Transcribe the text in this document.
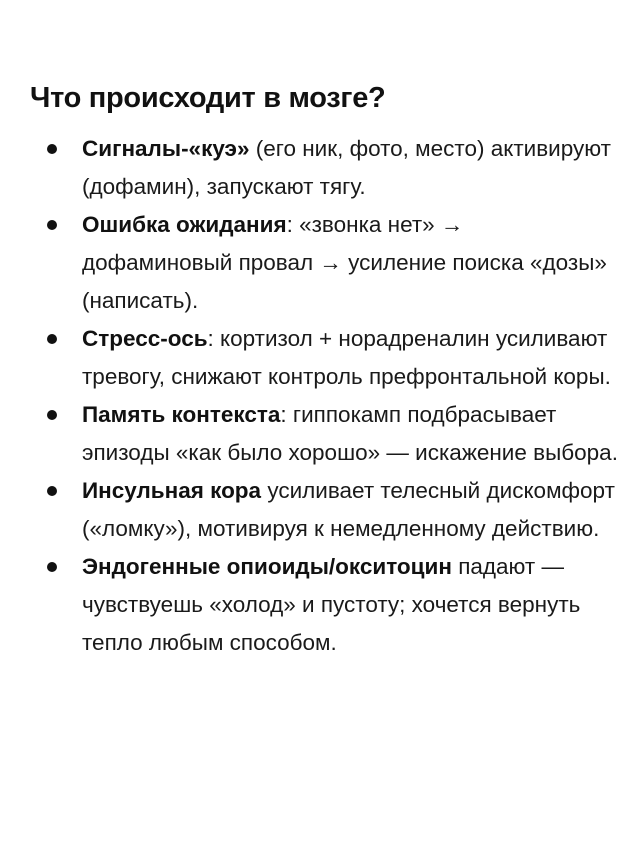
Что происходит в мозге?
Сигналы-«куэ» (его ник, фото, место) активируют (дофамин), запускают тягу.
Ошибка ожидания: «звонка нет» → дофаминовый провал → усиление поиска «дозы» (написать).
Стресс-ось: кортизол + норадреналин усиливают тревогу, снижают контроль префронтальной коры.
Память контекста: гиппокамп подбрасывает эпизоды «как было хорошо» — искажение выбора.
Инсульная кора усиливает телесный дискомфорт («ломку»), мотивируя к немедленному действию.
Эндогенные опиоиды/окситоцин падают — чувствуешь «холод» и пустоту; хочется вернуть тепло любым способом.
